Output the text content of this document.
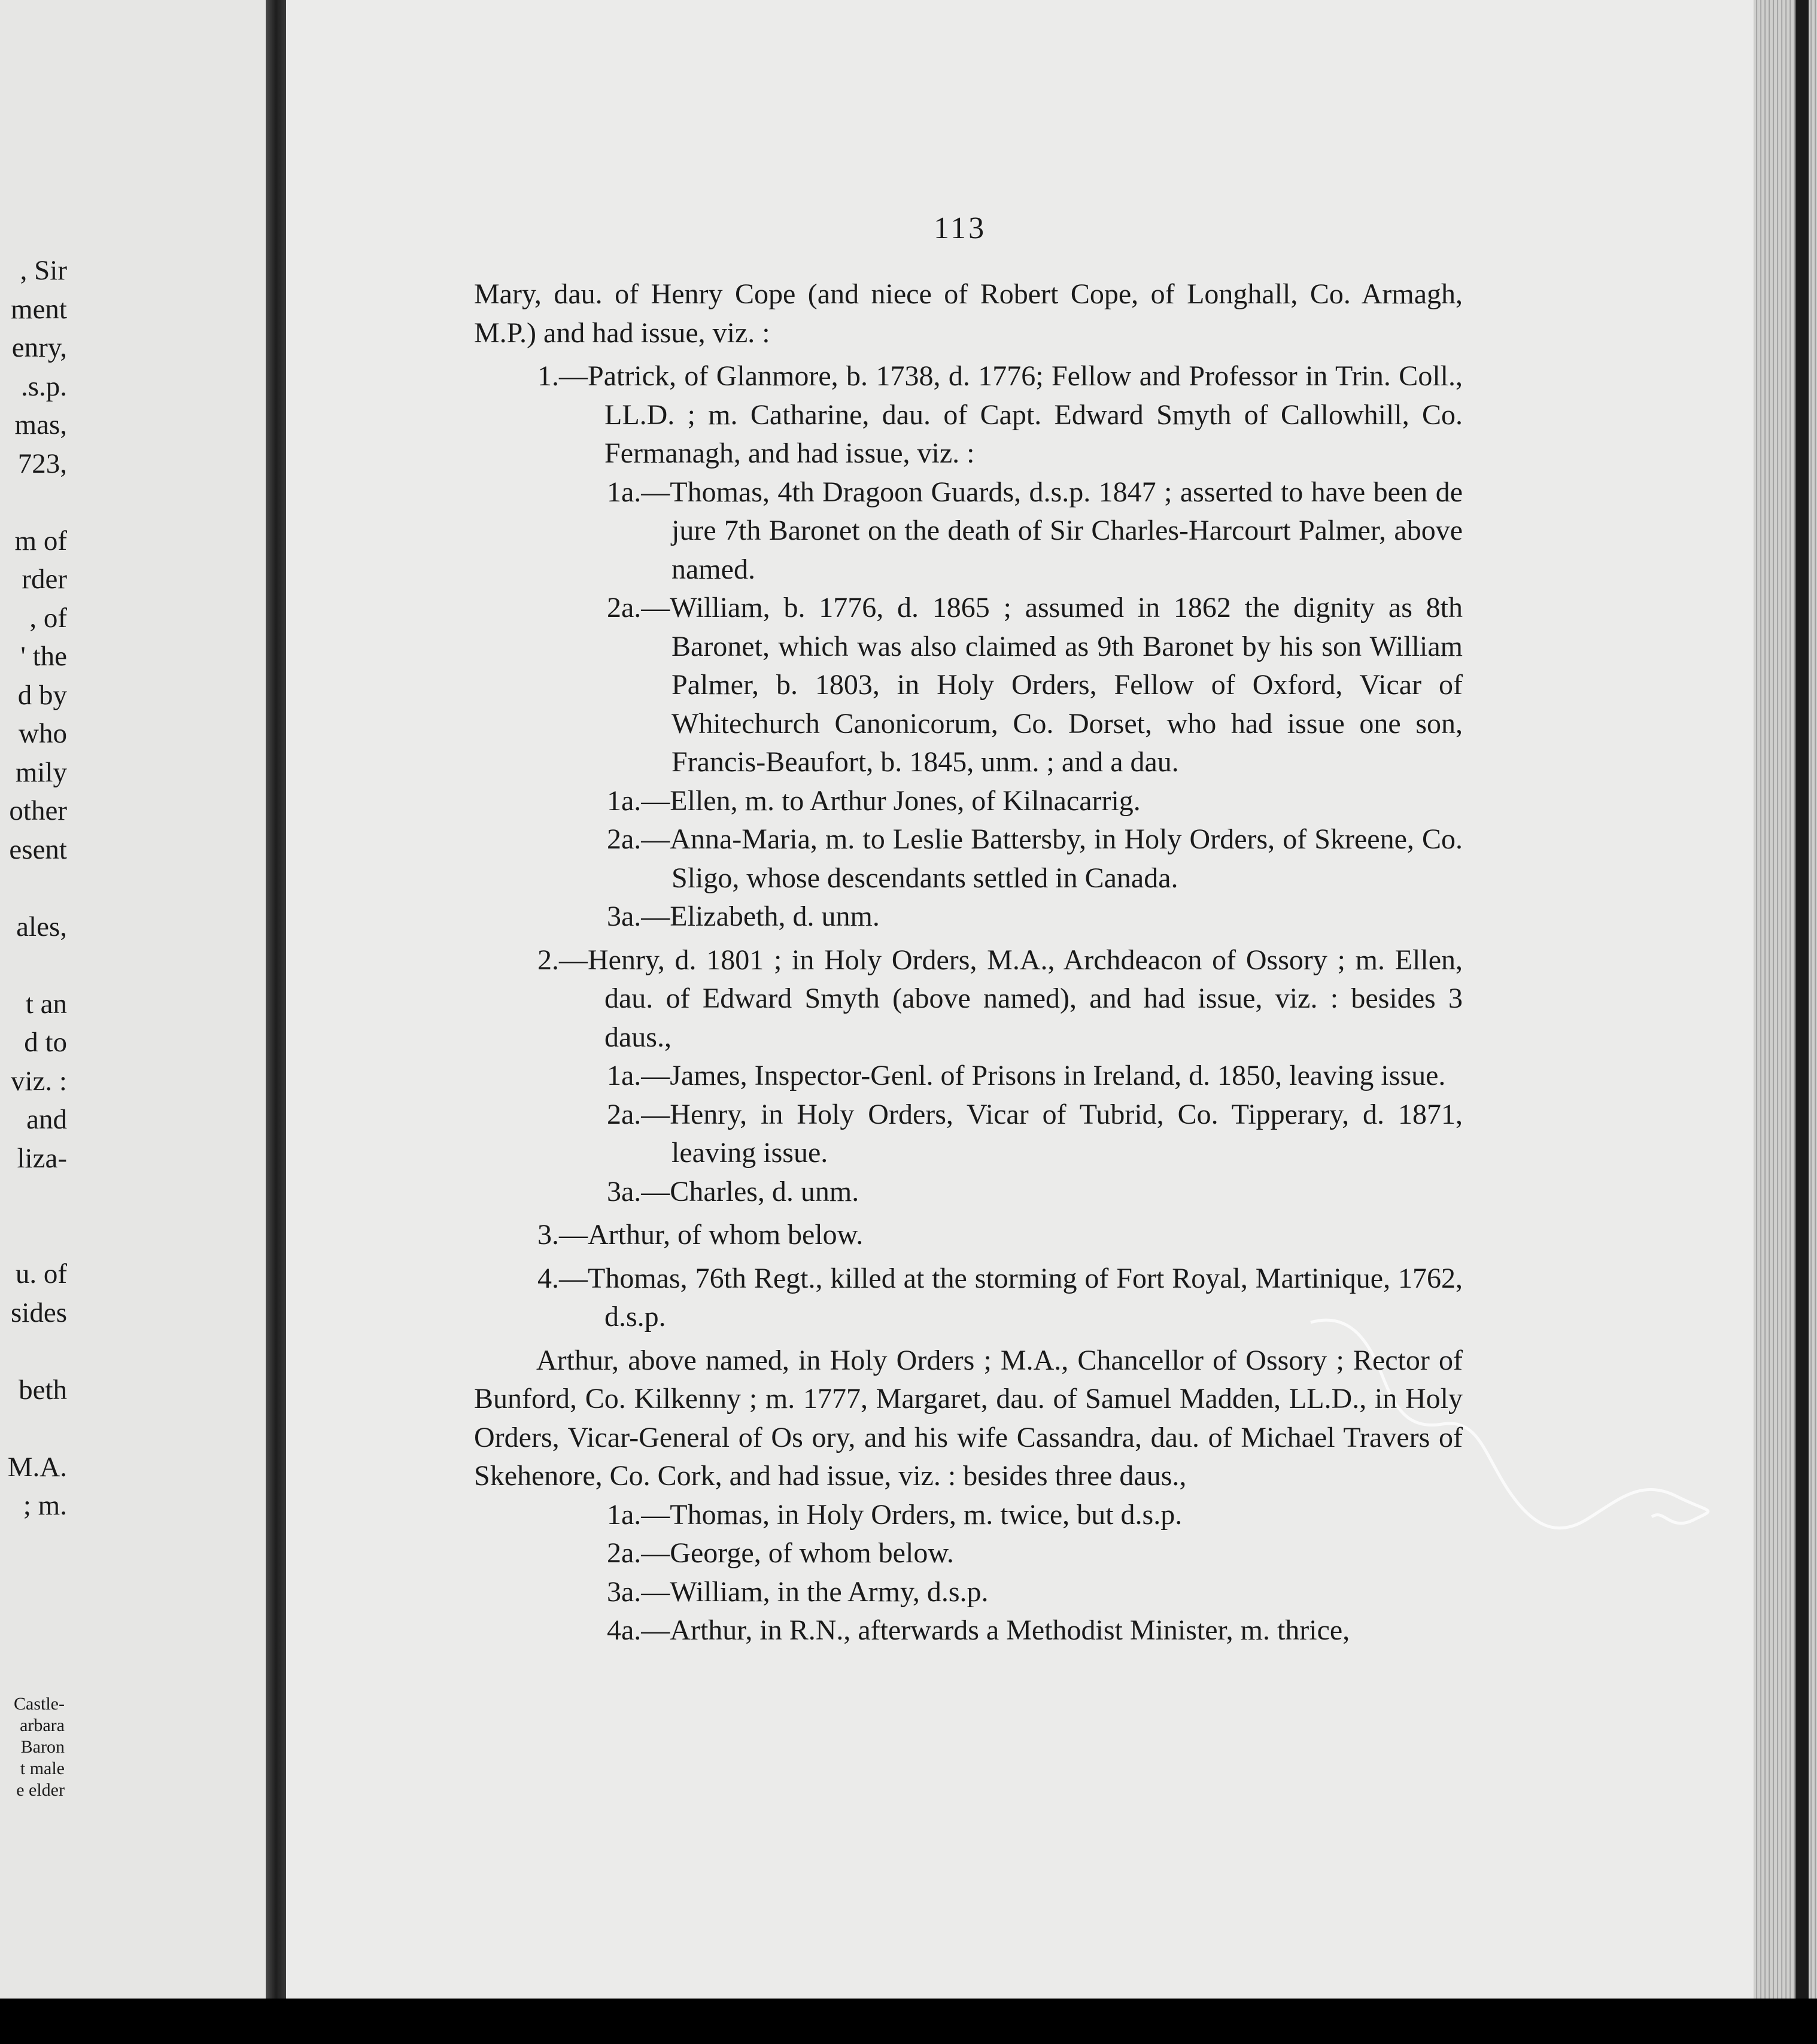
, Sir
ment
enry,
.s.p.
mas,
723,

m of
rder
, of
' the
d by
who
mily
other
esent

ales,

t an
d to
viz. :
and
liza-

u. of
sides

beth

M.A.
; m.
Castle-
arbara
Baron
t male
e elder
113

Mary, dau. of Henry Cope (and niece of Robert Cope, of Longhall, Co. Armagh, M.P.) and had issue, viz. :

1.—Patrick, of Glanmore, b. 1738, d. 1776; Fellow and Professor in Trin. Coll., LL.D. ; m. Catharine, dau. of Capt. Edward Smyth of Callowhill, Co. Fermanagh, and had issue, viz. :

1a.—Thomas, 4th Dragoon Guards, d.s.p. 1847 ; asserted to have been de jure 7th Baronet on the death of Sir Charles-Harcourt Palmer, above named.

2a.—William, b. 1776, d. 1865 ; assumed in 1862 the dignity as 8th Baronet, which was also claimed as 9th Baronet by his son William Palmer, b. 1803, in Holy Orders, Fellow of Oxford, Vicar of Whitechurch Canonicorum, Co. Dorset, who had issue one son, Francis-Beaufort, b. 1845, unm. ; and a dau.

1a.—Ellen, m. to Arthur Jones, of Kilnacarrig.

2a.—Anna-Maria, m. to Leslie Battersby, in Holy Orders, of Skreene, Co. Sligo, whose descendants settled in Canada.

3a.—Elizabeth, d. unm.

2.—Henry, d. 1801 ; in Holy Orders, M.A., Archdeacon of Ossory ; m. Ellen, dau. of Edward Smyth (above named), and had issue, viz. : besides 3 daus.,

1a.—James, Inspector-Genl. of Prisons in Ireland, d. 1850, leaving issue.

2a.—Henry, in Holy Orders, Vicar of Tubrid, Co. Tipperary, d. 1871, leaving issue.

3a.—Charles, d. unm.

3.—Arthur, of whom below.

4.—Thomas, 76th Regt., killed at the storming of Fort Royal, Martinique, 1762, d.s.p.

Arthur, above named, in Holy Orders ; M.A., Chancellor of Ossory ; Rector of Bunford, Co. Kilkenny ; m. 1777, Margaret, dau. of Samuel Madden, LL.D., in Holy Orders, Vicar-General of Os ory, and his wife Cassandra, dau. of Michael Travers of Skehenore, Co. Cork, and had issue, viz. : besides three daus.,

1a.—Thomas, in Holy Orders, m. twice, but d.s.p.

2a.—George, of whom below.

3a.—William, in the Army, d.s.p.

4a.—Arthur, in R.N., afterwards a Methodist Minister, m. thrice,
